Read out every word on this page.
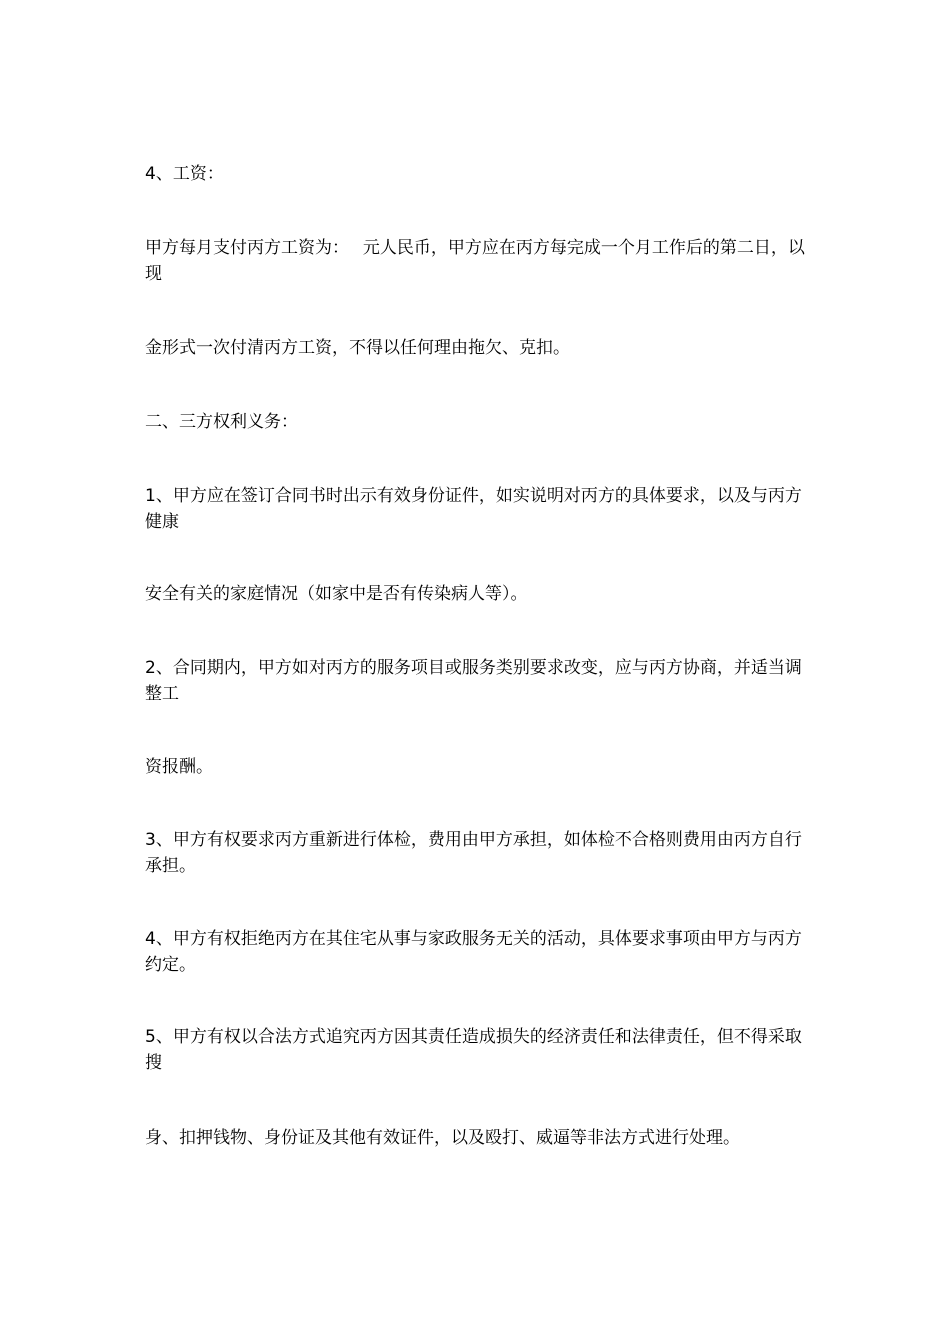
4、工资：

甲方每月支付丙方工资为：　 元人民币，甲方应在丙方每完成一个月工作后的第二日，以现

金形式一次付清丙方工资，不得以任何理由拖欠、克扣。

二、三方权利义务：

1、甲方应在签订合同书时出示有效身份证件，如实说明对丙方的具体要求，以及与丙方健康

安全有关的家庭情况（如家中是否有传染病人等）。

2、合同期内，甲方如对丙方的服务项目或服务类别要求改变，应与丙方协商，并适当调整工

资报酬。

3、甲方有权要求丙方重新进行体检，费用由甲方承担，如体检不合格则费用由丙方自行承担。

4、甲方有权拒绝丙方在其住宅从事与家政服务无关的活动，具体要求事项由甲方与丙方约定。

5、甲方有权以合法方式追究丙方因其责任造成损失的经济责任和法律责任，但不得采取搜

身、扣押钱物、身份证及其他有效证件，以及殴打、威逼等非法方式进行处理。
